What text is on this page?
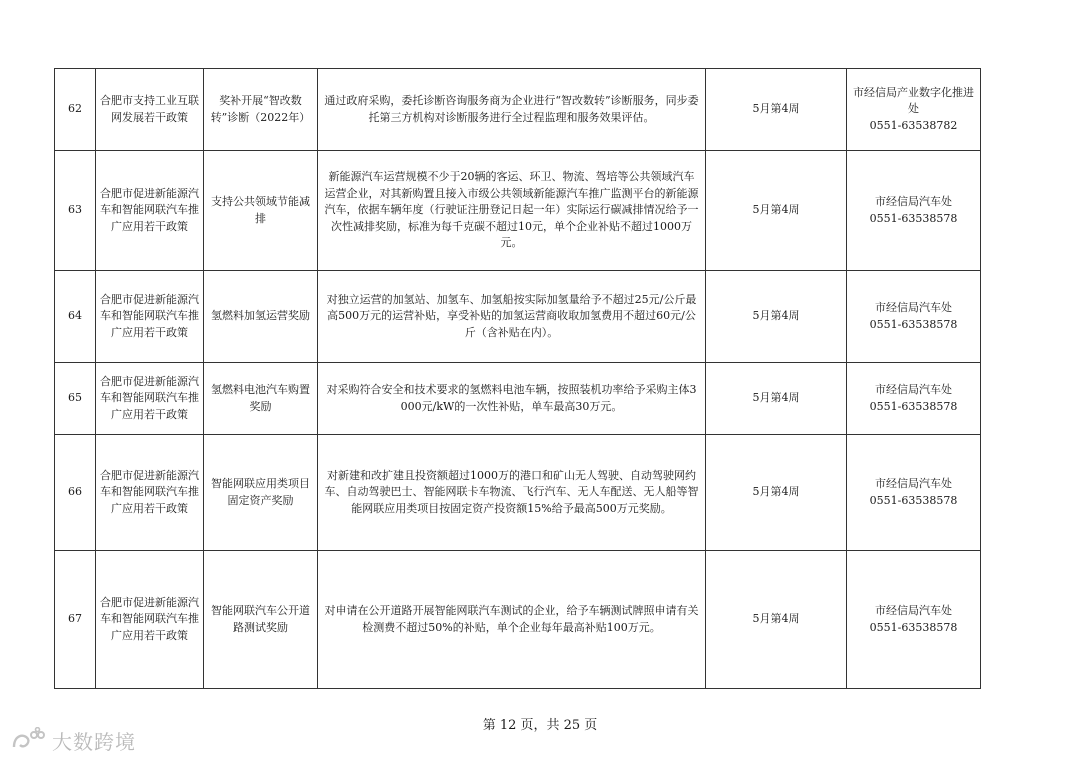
62	合肥市支持工业互联网发展若干政策	奖补开展“智改数转”诊断（2022年）	通过政府采购，委托诊断咨询服务商为企业进行“智改数转”诊断服务，同步委托第三方机构对诊断服务进行全过程监理和服务效果评估。	5月第4周	市经信局产业数字化推进处
0551-63538782

63	合肥市促进新能源汽车和智能网联汽车推广应用若干政策	支持公共领域节能减排	新能源汽车运营规模不少于20辆的客运、环卫、物流、驾培等公共领域汽车运营企业，对其新购置且接入市级公共领域新能源汽车推广监测平台的新能源汽车，依据车辆年度（行驶证注册登记日起一年）实际运行碳减排情况给予一次性减排奖励，标准为每千克碳不超过10元，单个企业补贴不超过1000万元。	5月第4周	市经信局汽车处
0551-63538578

64	合肥市促进新能源汽车和智能网联汽车推广应用若干政策	氢燃料加氢运营奖励	对独立运营的加氢站、加氢车、加氢船按实际加氢量给予不超过25元/公斤最高500万元的运营补贴，享受补贴的加氢运营商收取加氢费用不超过60元/公斤（含补贴在内）。	5月第4周	市经信局汽车处
0551-63538578

65	合肥市促进新能源汽车和智能网联汽车推广应用若干政策	氢燃料电池汽车购置奖励	对采购符合安全和技术要求的氢燃料电池车辆，按照装机功率给予采购主体3000元/kW的一次性补贴，单车最高30万元。	5月第4周	市经信局汽车处
0551-63538578

66	合肥市促进新能源汽车和智能网联汽车推广应用若干政策	智能网联应用类项目固定资产奖励	对新建和改扩建且投资额超过1000万的港口和矿山无人驾驶、自动驾驶网约车、自动驾驶巴士、智能网联卡车物流、飞行汽车、无人车配送、无人船等智能网联应用类项目按固定资产投资额15%给予最高500万元奖励。	5月第4周	市经信局汽车处
0551-63538578

67	合肥市促进新能源汽车和智能网联汽车推广应用若干政策	智能网联汽车公开道路测试奖励	对申请在公开道路开展智能网联汽车测试的企业，给予车辆测试牌照申请有关检测费不超过50%的补贴，单个企业每年最高补贴100万元。	5月第4周	市经信局汽车处
0551-63538578
第 12 页，共 25 页
大数跨境
